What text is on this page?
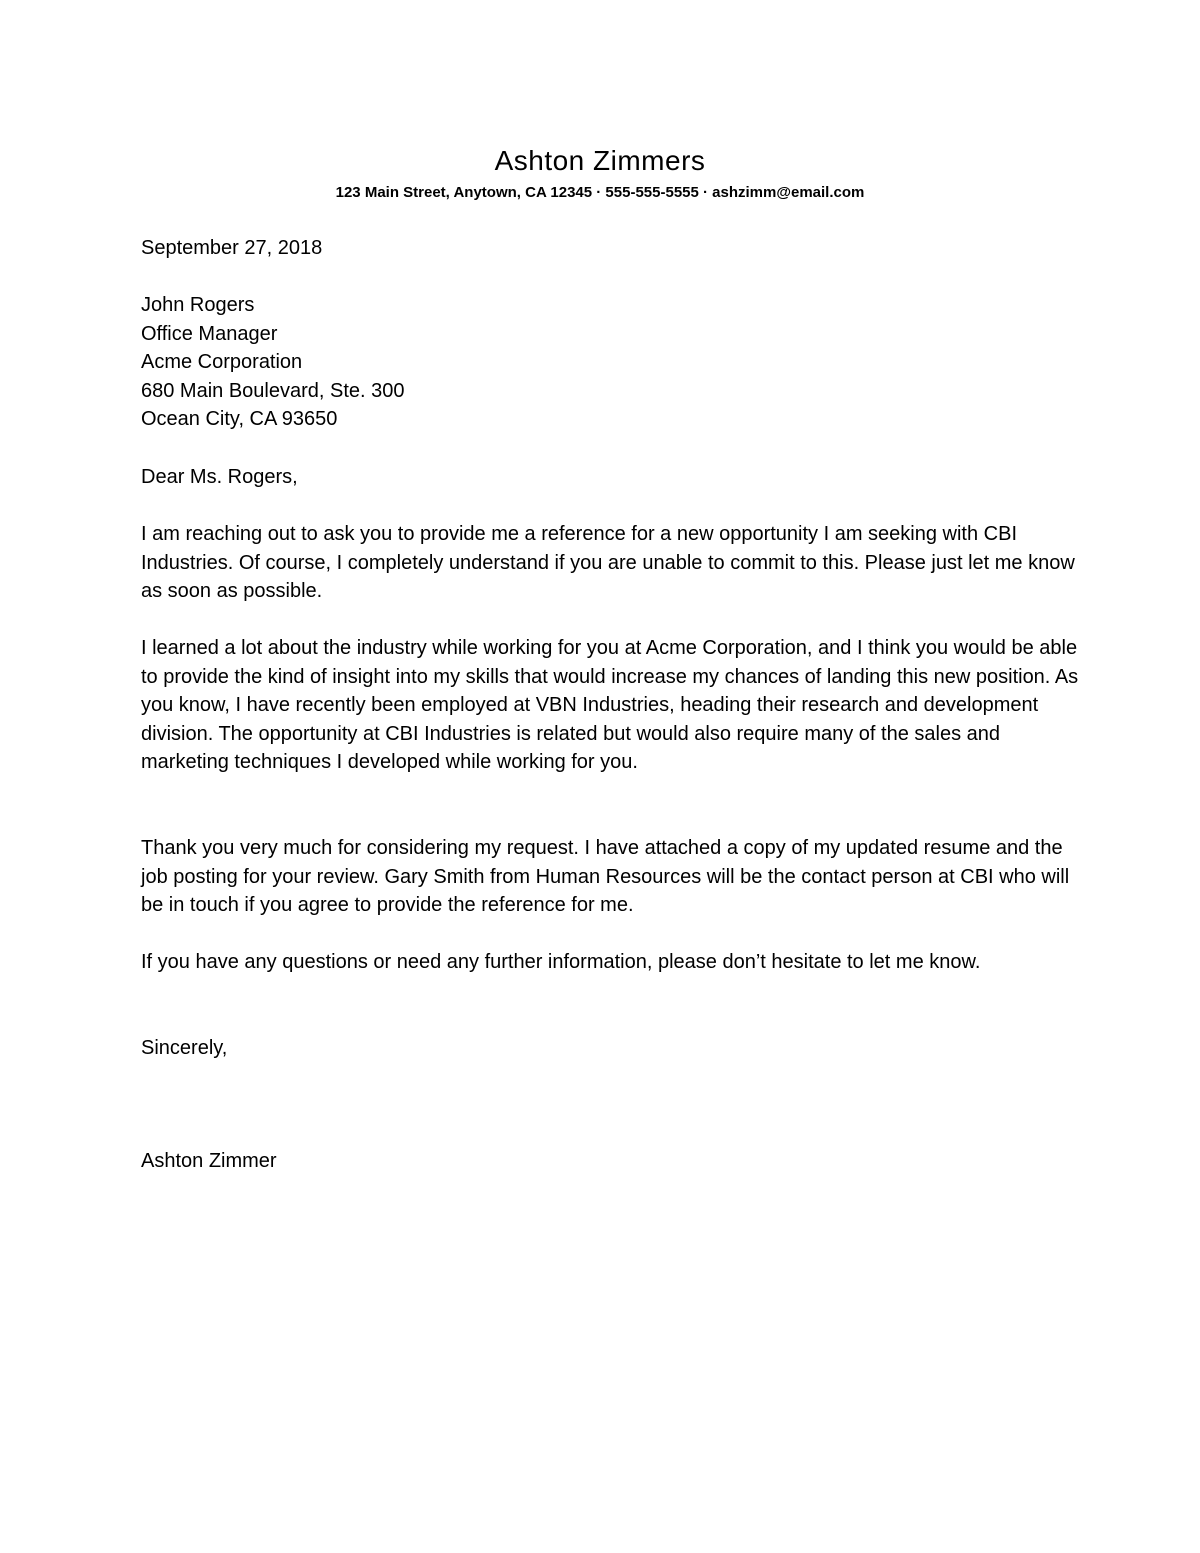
Ashton Zimmers
123 Main Street, Anytown, CA 12345 · 555-555-5555 · ashzimm@email.com
September 27, 2018
John Rogers
Office Manager
Acme Corporation
680 Main Boulevard, Ste. 300
Ocean City, CA 93650
Dear Ms. Rogers,
I am reaching out to ask you to provide me a reference for a new opportunity I am seeking with CBI Industries. Of course, I completely understand if you are unable to commit to this. Please just let me know as soon as possible.
I learned a lot about the industry while working for you at Acme Corporation, and I think you would be able to provide the kind of insight into my skills that would increase my chances of landing this new position. As you know, I have recently been employed at VBN Industries, heading their research and development division. The opportunity at CBI Industries is related but would also require many of the sales and marketing techniques I developed while working for you.
Thank you very much for considering my request. I have attached a copy of my updated resume and the job posting for your review. Gary Smith from Human Resources will be the contact person at CBI who will be in touch if you agree to provide the reference for me.
If you have any questions or need any further information, please don’t hesitate to let me know.
Sincerely,
Ashton Zimmer
